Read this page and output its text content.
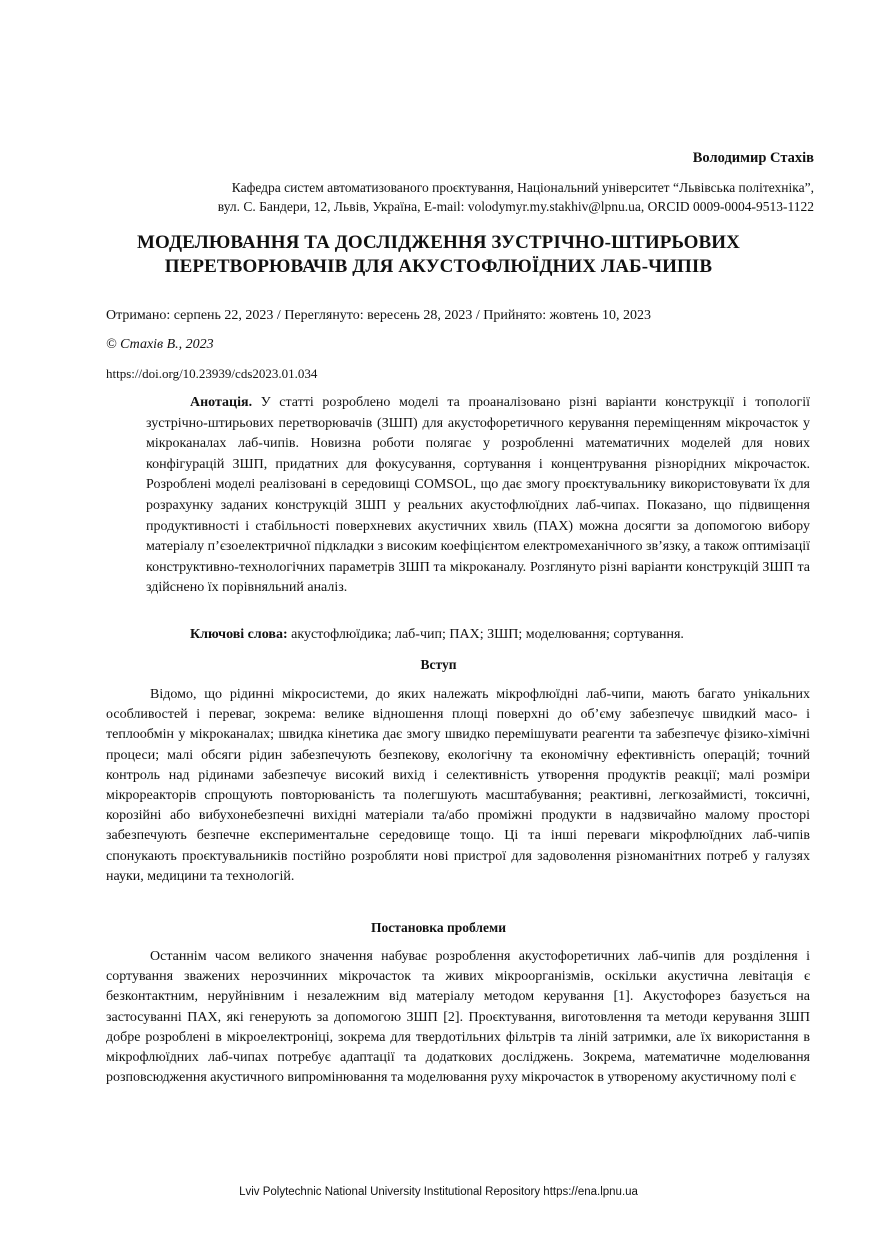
Володимир Стахів
Кафедра систем автоматизованого проєктування, Національний університет “Львівська політехніка”,
вул. С. Бандери, 12, Львів, Україна, E-mail: volodymyr.my.stakhiv@lpnu.ua, ORCID 0009-0004-9513-1122
МОДЕЛЮВАННЯ ТА ДОСЛІДЖЕННЯ ЗУСТРІЧНО-ШТИРЬОВИХ
ПЕРЕТВОРЮВАЧІВ ДЛЯ АКУСТОФЛЮЇДНИХ ЛАБ-ЧИПІВ
Отримано: серпень 22, 2023 / Переглянуто: вересень 28, 2023 / Прийнято: жовтень 10, 2023
© Стахів В., 2023
https://doi.org/10.23939/cds2023.01.034
Анотація. У статті розроблено моделі та проаналізовано різні варіанти конструкції і топології зустрічно-штирьових перетворювачів (ЗШП) для акустофоретичного керування переміщенням мікрочасток у мікроканалах лаб-чипів. Новизна роботи полягає у розробленні математичних моделей для нових конфігурацій ЗШП, придатних для фокусування, сортування і концентрування різнорідних мікрочасток. Розроблені моделі реалізовані в середовищі COMSOL, що дає змогу проєктувальнику використовувати їх для розрахунку заданих конструкцій ЗШП у реальних акустофлюїдних лаб-чипах. Показано, що підвищення продуктивності і стабільності поверхневих акустичних хвиль (ПАХ) можна досягти за допомогою вибору матеріалу п’єзоелектричної підкладки з високим коефіцієнтом електромеханічного зв’язку, а також оптимізації конструктивно-технологічних параметрів ЗШП та мікроканалу. Розглянуто різні варіанти конструкцій ЗШП та здійснено їх порівняльний аналіз.
Ключові слова: акустофлюїдика; лаб-чип; ПАХ; ЗШП; моделювання; сортування.
Вступ
Відомо, що рідинні мікросистеми, до яких належать мікрофлюїдні лаб-чипи, мають багато унікальних особливостей і переваг, зокрема: велике відношення площі поверхні до об’єму забезпечує швидкий масо- і теплообмін у мікроканалах; швидка кінетика дає змогу швидко перемішувати реагенти та забезпечує фізико-хімічні процеси; малі обсяги рідин забезпечують безпекову, екологічну та економічну ефективність операцій; точний контроль над рідинами забезпечує високий вихід і селективність утворення продуктів реакції; малі розміри мікрореакторів спрощують повторюваність та полегшують масштабування; реактивні, легкозаймисті, токсичні, корозійні або вибухонебезпечні вихідні матеріали та/або проміжні продукти в надзвичайно малому просторі забезпечують безпечне експериментальне середовище тощо. Ці та інші переваги мікрофлюїдних лаб-чипів спонукають проєктувальників постійно розробляти нові пристрої для задоволення різноманітних потреб у галузях науки, медицини та технологій.
Постановка проблеми
Останнім часом великого значення набуває розроблення акустофоретичних лаб-чипів для розділення і сортування зважених нерозчинних мікрочасток та живих мікроорганізмів, оскільки акустична левітація є безконтактним, неруйнівним і незалежним від матеріалу методом керування [1]. Акустофорез базується на застосуванні ПАХ, які генерують за допомогою ЗШП [2]. Проєктування, виготовлення та методи керування ЗШП добре розроблені в мікроелектроніці, зокрема для твердотільних фільтрів та ліній затримки, але їх використання в мікрофлюїдних лаб-чипах потребує адаптації та додаткових досліджень. Зокрема, математичне моделювання розповсюдження акустичного випромінювання та моделювання руху мікрочасток в утвореному акустичному полі є
Lviv Polytechnic National University Institutional Repository https://ena.lpnu.ua
